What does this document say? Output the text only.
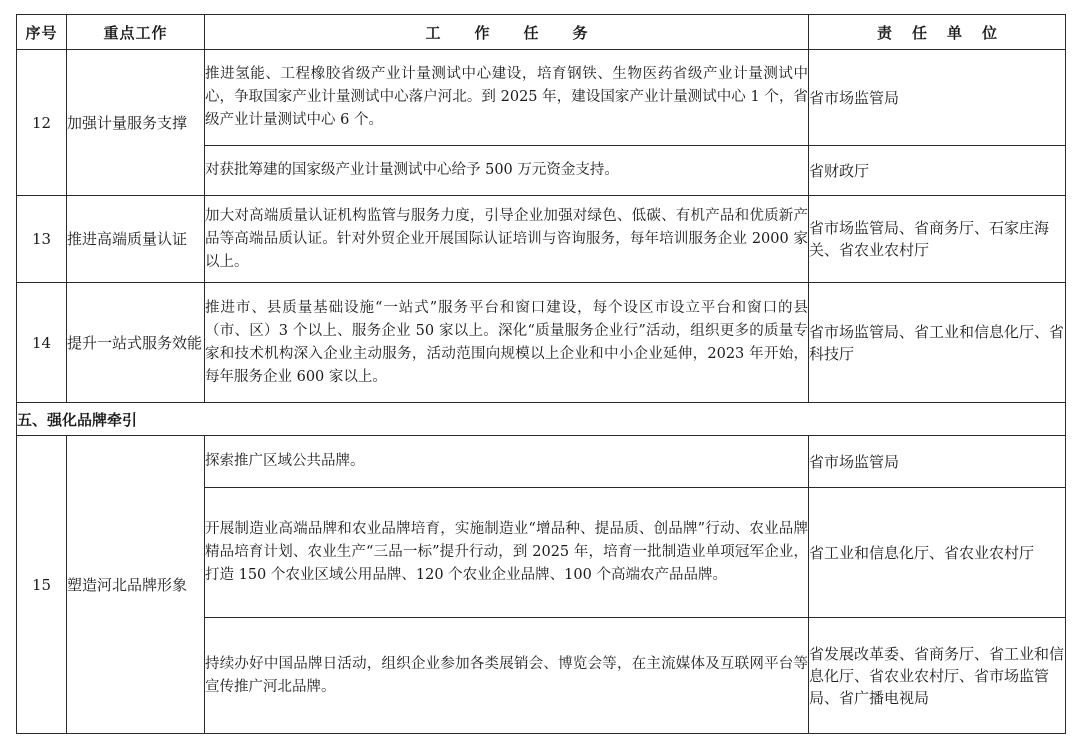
序号	重点工作	工作任务	责任单位
12	加强计量服务支撑	推进氢能、工程橡胶省级产业计量测试中心建设，培育钢铁、生物医药省级产业计量测试中心，争取国家产业计量测试中心落户河北。到 2025 年，建设国家产业计量测试中心 1 个，省级产业计量测试中心 6 个。	省市场监管局
		对获批筹建的国家级产业计量测试中心给予 500 万元资金支持。	省财政厅
13	推进高端质量认证	加大对高端质量认证机构监管与服务力度，引导企业加强对绿色、低碳、有机产品和优质新产品等高端品质认证。针对外贸企业开展国际认证培训与咨询服务，每年培训服务企业 2000 家以上。	省市场监管局、省商务厅、石家庄海关、省农业农村厅
14	提升一站式服务效能	推进市、县质量基础设施“一站式”服务平台和窗口建设，每个设区市设立平台和窗口的县（市、区）3 个以上、服务企业 50 家以上。深化“质量服务企业行”活动，组织更多的质量专家和技术机构深入企业主动服务，活动范围向规模以上企业和中小企业延伸，2023 年开始，每年服务企业 600 家以上。	省市场监管局、省工业和信息化厅、省科技厅
五、强化品牌牵引			
15	塑造河北品牌形象	探索推广区域公共品牌。	省市场监管局
		开展制造业高端品牌和农业品牌培育，实施制造业“增品种、提品质、创品牌”行动、农业品牌精品培育计划、农业生产“三品一标”提升行动，到 2025 年，培育一批制造业单项冠军企业，打造 150 个农业区域公用品牌、120 个农业企业品牌、100 个高端农产品品牌。	省工业和信息化厅、省农业农村厅
		持续办好中国品牌日活动，组织企业参加各类展销会、博览会等，在主流媒体及互联网平台等宣传推广河北品牌。	省发展改革委、省商务厅、省工业和信息化厅、省农业农村厅、省市场监管局、省广播电视局
